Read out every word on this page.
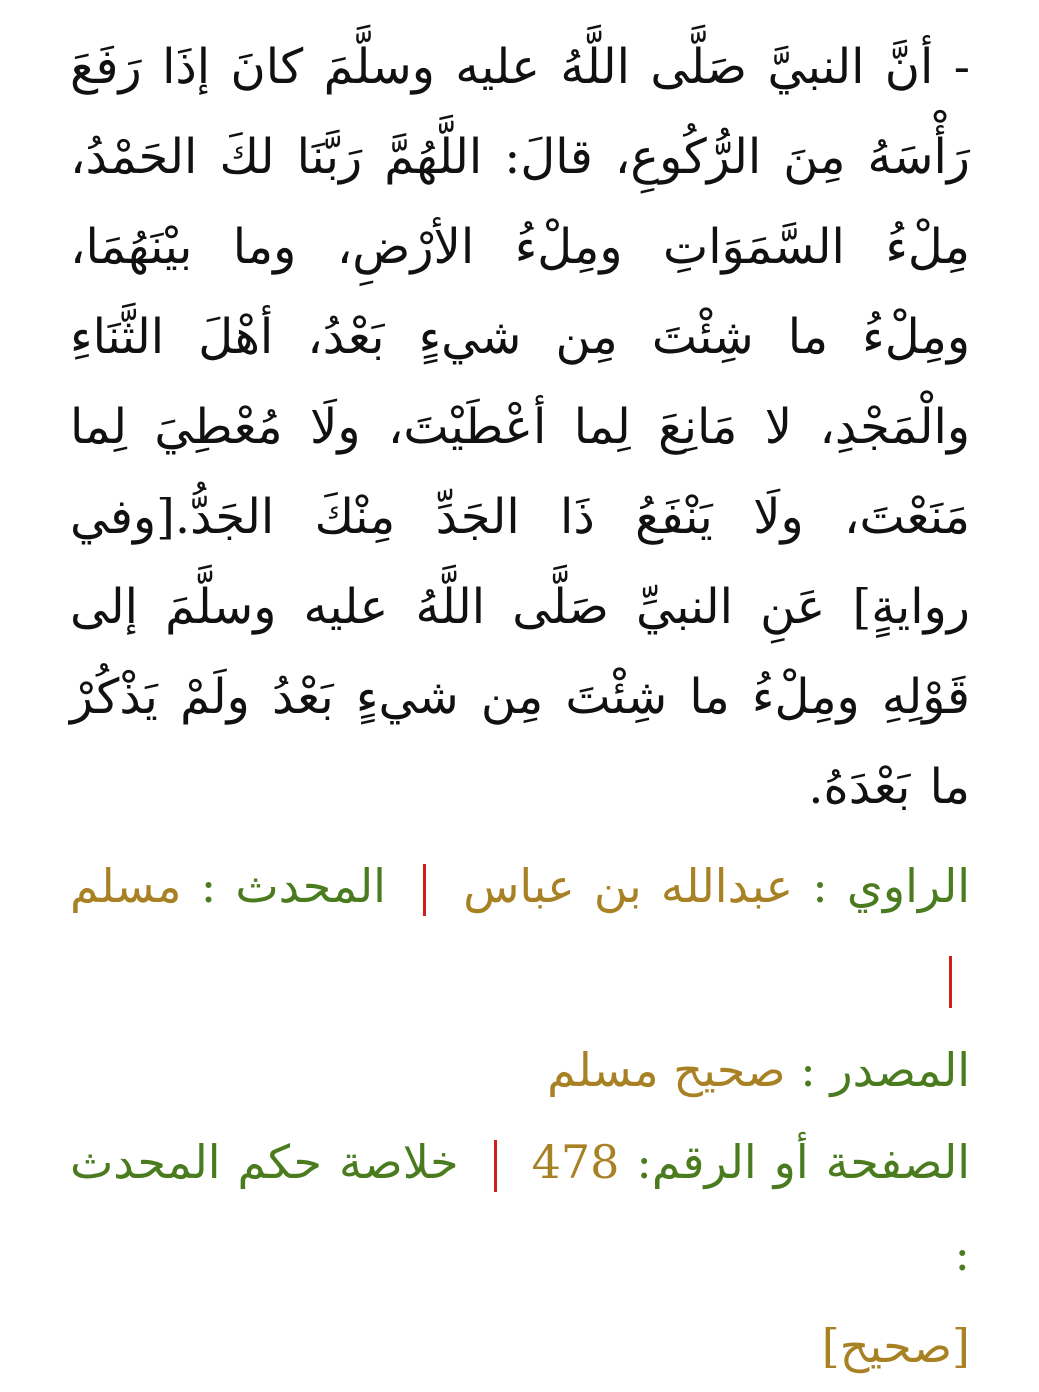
- أنَّ النبيَّ صَلَّى اللَّهُ عليه وسلَّمَ كانَ إذَا رَفَعَ رَأْسَهُ مِنَ الرُّكُوعِ، قالَ: اللَّهُمَّ رَبَّنَا لكَ الحَمْدُ، مِلْءُ السَّمَوَاتِ ومِلْءُ الأرْضِ، وما بيْنَهُمَا، ومِلْءُ ما شِئْتَ مِن شيءٍ بَعْدُ، أهْلَ الثَّنَاءِ والْمَجْدِ، لا مَانِعَ لِما أعْطَيْتَ، ولَا مُعْطِيَ لِما مَنَعْتَ، ولَا يَنْفَعُ ذَا الجَدِّ مِنْكَ الجَدُّ.[وفي روايةٍ] عَنِ النبيِّ صَلَّى اللَّهُ عليه وسلَّمَ إلى قَوْلِهِ ومِلْءُ ما شِئْتَ مِن شيءٍ بَعْدُ ولَمْ يَذْكُرْ ما بَعْدَهُ.

الراوي : عبدالله بن عباس  المحدث : مسلم
المصدر : صحيح مسلم
الصفحة أو الرقم: 478  خلاصة حكم المحدث :
[صحيح]
